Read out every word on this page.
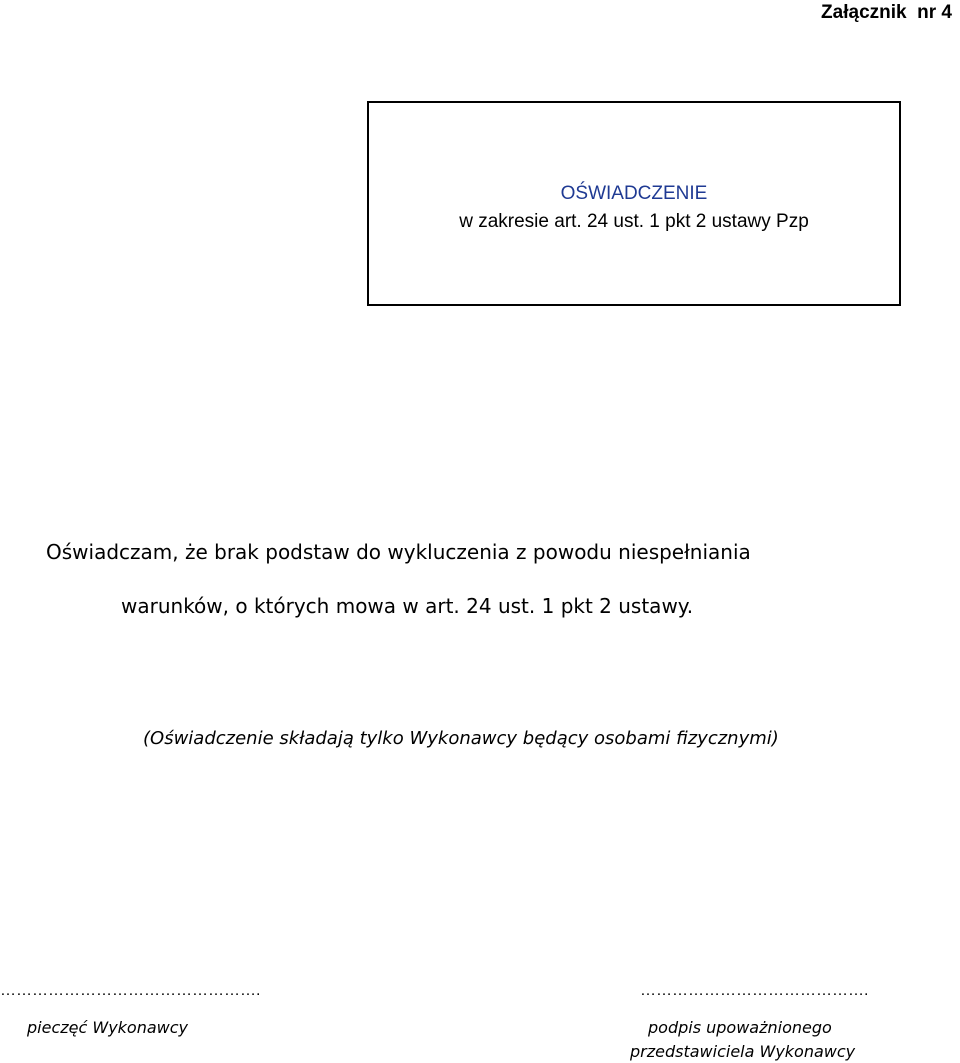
Załącznik  nr 4
OŚWIADCZENIE
w zakresie art. 24 ust. 1 pkt 2 ustawy Pzp
Oświadczam, że brak podstaw do wykluczenia z powodu niespełniania
warunków, o których mowa w art. 24 ust. 1 pkt 2 ustawy.
(Oświadczenie składają tylko Wykonawcy będący osobami fizycznymi)
………………………………………….	…………………………………….
pieczęć Wykonawcy	podpis upoważnionego
przedstawiciela Wykonawcy
